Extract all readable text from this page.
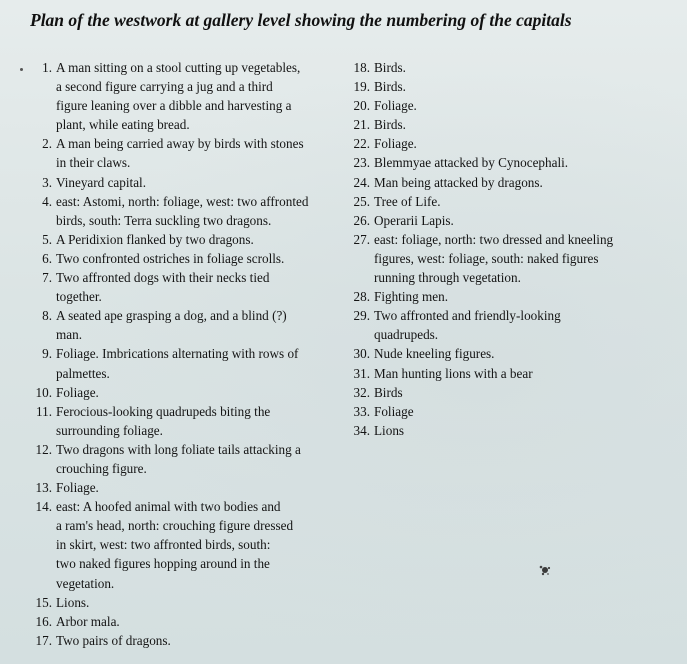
Plan of the westwork at gallery level showing the numbering of the capitals
1. A man sitting on a stool cutting up vegetables,
a second figure carrying a jug and a third
figure leaning over a dibble and harvesting a
plant, while eating bread.
2. A man being carried away by birds with stones
in their claws.
3. Vineyard capital.
4. east: Astomi, north: foliage, west: two affronted
birds, south: Terra suckling two dragons.
5. A Peridixion flanked by two dragons.
6. Two confronted ostriches in foliage scrolls.
7. Two affronted dogs with their necks tied
together.
8. A seated ape grasping a dog, and a blind (?)
man.
9. Foliage. Imbrications alternating with rows of
palmettes.
10. Foliage.
11. Ferocious-looking quadrupeds biting the
surrounding foliage.
12. Two dragons with long foliate tails attacking a
crouching figure.
13. Foliage.
14. east: A hoofed animal with two bodies and
a ram's head, north: crouching figure dressed
in skirt, west: two affronted birds, south:
two naked figures hopping around in the
vegetation.
15. Lions.
16. Arbor mala.
17. Two pairs of dragons.
18. Birds.
19. Birds.
20. Foliage.
21. Birds.
22. Foliage.
23. Blemmyae attacked by Cynocephali.
24. Man being attacked by dragons.
25. Tree of Life.
26. Operarii Lapis.
27. east: foliage, north: two dressed and kneeling
figures, west: foliage, south: naked figures
running through vegetation.
28. Fighting men.
29. Two affronted and friendly-looking
quadrupeds.
30. Nude kneeling figures.
31. Man hunting lions with a bear
32. Birds
33. Foliage
34. Lions
